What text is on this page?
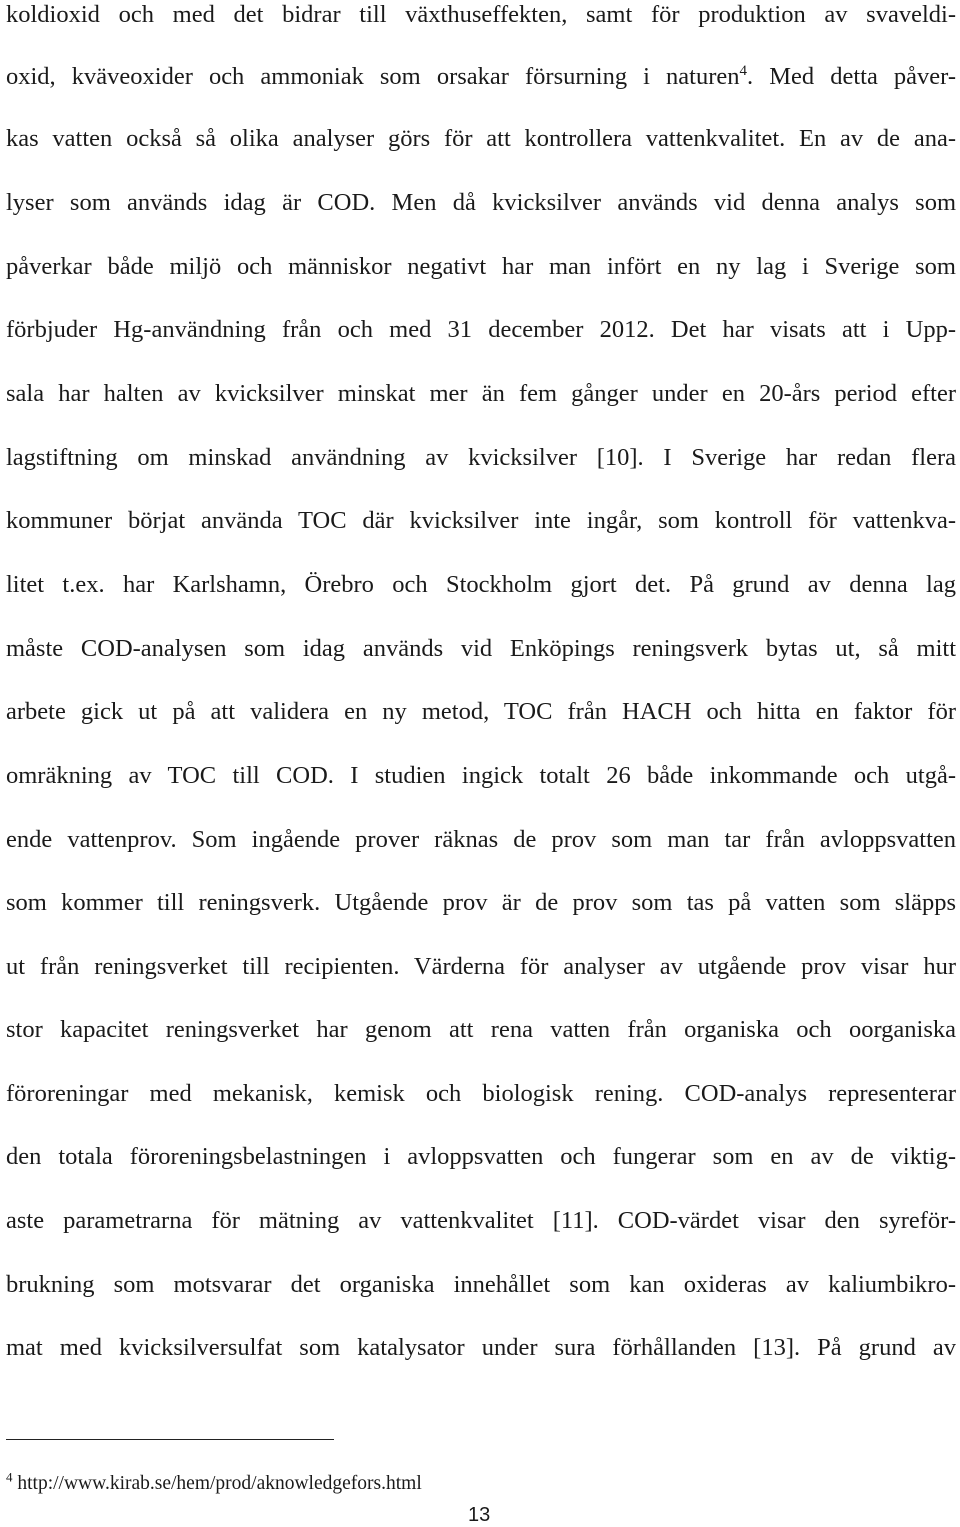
koldioxid och med det bidrar till växthuseffekten, samt för produktion av svaveldi-
oxid, kväveoxider och ammoniak som orsakar försurning i naturen$^4$. Med detta påver-
kas vatten också så olika analyser görs för att kontrollera vattenkvalitet. En av de ana-
lyser som används idag är COD. Men då kvicksilver används vid denna analys som
påverkar både miljö och människor negativt har man infört en ny lag i Sverige som
förbjuder Hg-användning från och med 31 december 2012. Det har visats att i Upp-
sala har halten av kvicksilver minskat mer än fem gånger under en 20-års period efter
lagstiftning om minskad användning av kvicksilver [10]. I Sverige har redan flera
kommuner börjat använda TOC där kvicksilver inte ingår, som kontroll för vattenkva-
litet t.ex. har Karlshamn, Örebro och Stockholm gjort det. På grund av denna lag
måste COD-analysen som idag används vid Enköpings reningsverk bytas ut, så mitt
arbete gick ut på att validera en ny metod, TOC från HACH och hitta en faktor för
omräkning av TOC till COD. I studien ingick totalt 26 både inkommande och utgå-
ende vattenprov. Som ingående prover räknas de prov som man tar från avloppsvatten
som kommer till reningsverk. Utgående prov är de prov som tas på vatten som släpps
ut från reningsverket till recipienten. Värderna för analyser av utgående prov visar hur
stor kapacitet reningsverket har genom att rena vatten från organiska och oorganiska
föroreningar med mekanisk, kemisk och biologisk rening. COD-analys representerar
den totala föroreningsbelastningen i avloppsvatten och fungerar som en av de viktig-
aste parametrarna för mätning av vattenkvalitet [11]. COD-värdet visar den syreför-
brukning som motsvarar det organiska innehållet som kan oxideras av kaliumbikro-
mat med kvicksilversulfat som katalysator under sura förhållanden [13]. På grund av
$^4$ http://www.kirab.se/hem/prod/aknowledgefors.html
13
